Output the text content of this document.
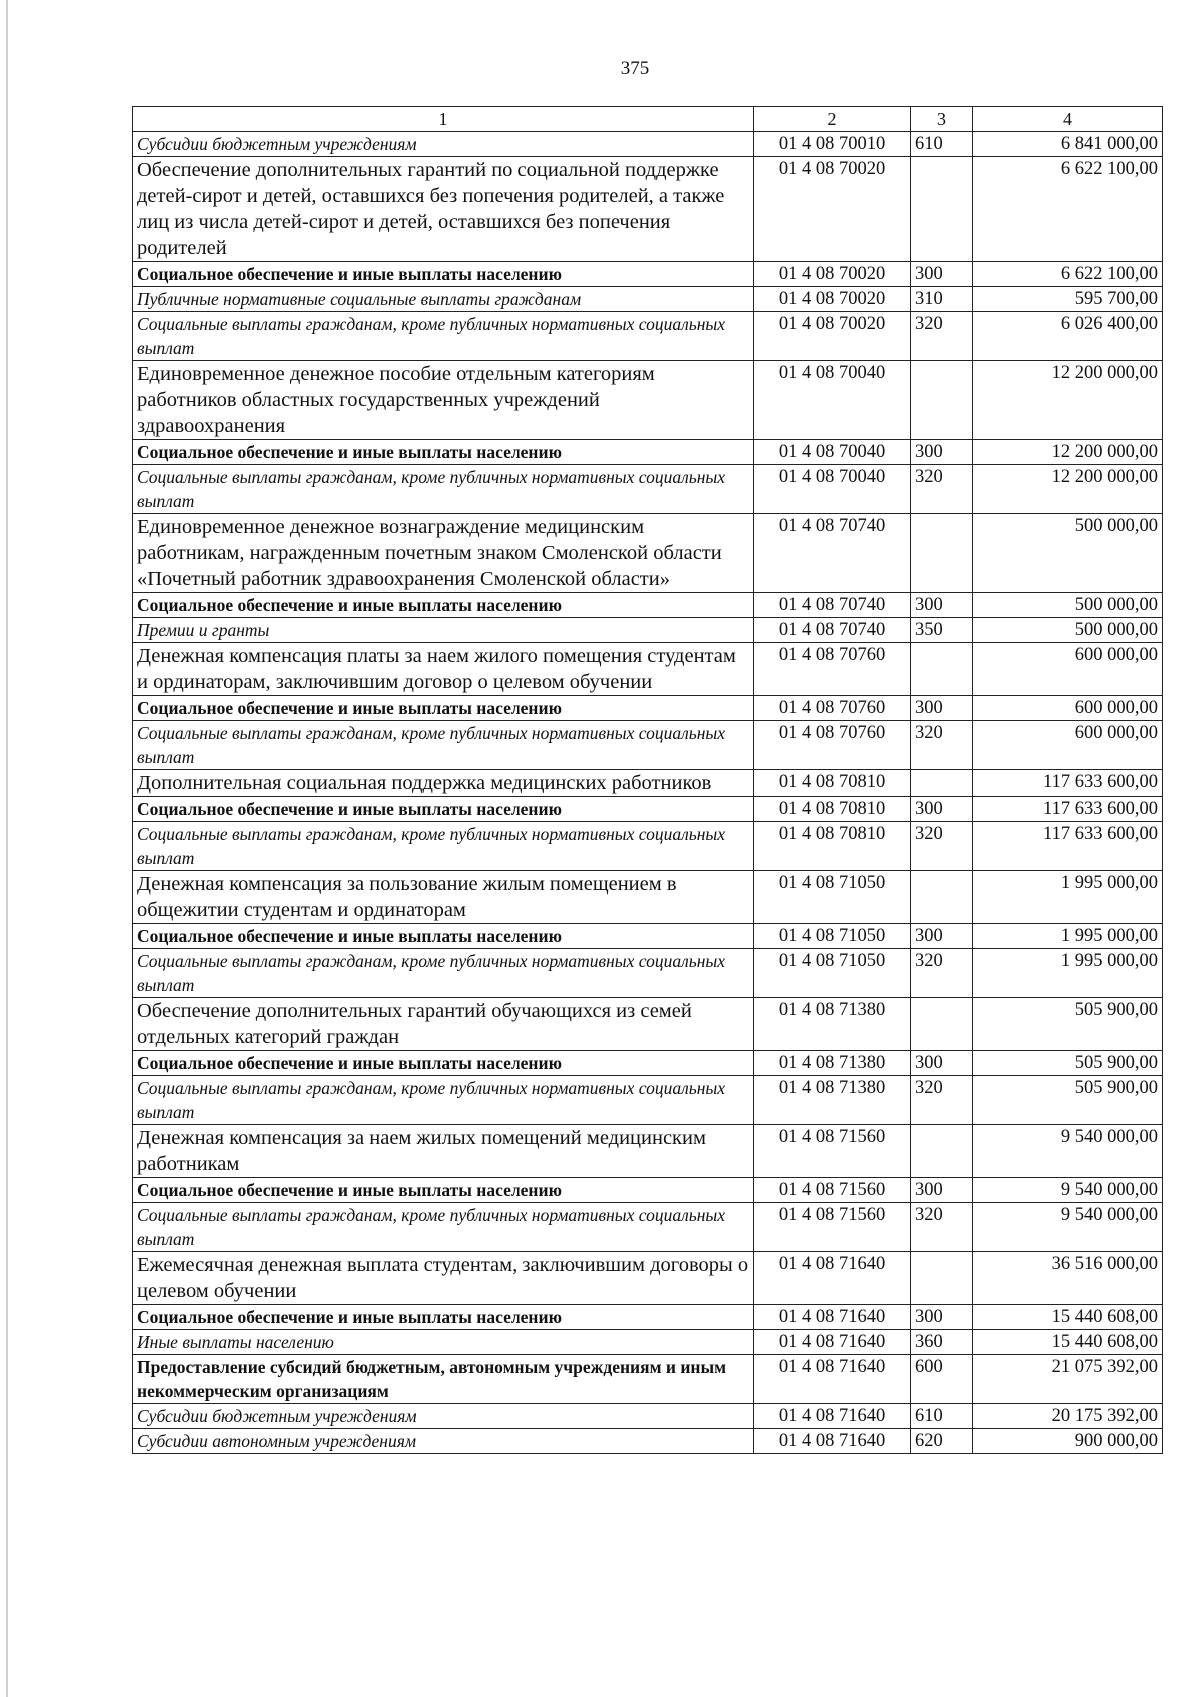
375
1	2	3	4
Субсидии бюджетным учреждениям	01 4 08 70010	610	6 841 000,00
Обеспечение дополнительных гарантий по социальной поддержке детей-сирот и детей, оставшихся без попечения родителей, а также лиц из числа детей-сирот и детей, оставшихся без попечения родителей	01 4 08 70020		6 622 100,00
Социальное обеспечение и иные выплаты населению	01 4 08 70020	300	6 622 100,00
Публичные нормативные социальные выплаты гражданам	01 4 08 70020	310	595 700,00
Социальные выплаты гражданам, кроме публичных нормативных социальных выплат	01 4 08 70020	320	6 026 400,00
Единовременное денежное пособие отдельным категориям работников областных государственных учреждений здравоохранения	01 4 08 70040		12 200 000,00
Социальное обеспечение и иные выплаты населению	01 4 08 70040	300	12 200 000,00
Социальные выплаты гражданам, кроме публичных нормативных социальных выплат	01 4 08 70040	320	12 200 000,00
Единовременное денежное вознаграждение медицинским работникам, награжденным почетным знаком Смоленской области «Почетный работник здравоохранения Смоленской области»	01 4 08 70740		500 000,00
Социальное обеспечение и иные выплаты населению	01 4 08 70740	300	500 000,00
Премии и гранты	01 4 08 70740	350	500 000,00
Денежная компенсация платы за наем жилого помещения студентам и ординаторам, заключившим договор о целевом обучении	01 4 08 70760		600 000,00
Социальное обеспечение и иные выплаты населению	01 4 08 70760	300	600 000,00
Социальные выплаты гражданам, кроме публичных нормативных социальных выплат	01 4 08 70760	320	600 000,00
Дополнительная социальная поддержка медицинских работников	01 4 08 70810		117 633 600,00
Социальное обеспечение и иные выплаты населению	01 4 08 70810	300	117 633 600,00
Социальные выплаты гражданам, кроме публичных нормативных социальных выплат	01 4 08 70810	320	117 633 600,00
Денежная компенсация за пользование жилым помещением в общежитии студентам и ординаторам	01 4 08 71050		1 995 000,00
Социальное обеспечение и иные выплаты населению	01 4 08 71050	300	1 995 000,00
Социальные выплаты гражданам, кроме публичных нормативных социальных выплат	01 4 08 71050	320	1 995 000,00
Обеспечение дополнительных гарантий обучающихся из семей отдельных категорий граждан	01 4 08 71380		505 900,00
Социальное обеспечение и иные выплаты населению	01 4 08 71380	300	505 900,00
Социальные выплаты гражданам, кроме публичных нормативных социальных выплат	01 4 08 71380	320	505 900,00
Денежная компенсация за наем жилых помещений медицинским работникам	01 4 08 71560		9 540 000,00
Социальное обеспечение и иные выплаты населению	01 4 08 71560	300	9 540 000,00
Социальные выплаты гражданам, кроме публичных нормативных социальных выплат	01 4 08 71560	320	9 540 000,00
Ежемесячная денежная выплата студентам, заключившим договоры о целевом обучении	01 4 08 71640		36 516 000,00
Социальное обеспечение и иные выплаты населению	01 4 08 71640	300	15 440 608,00
Иные выплаты населению	01 4 08 71640	360	15 440 608,00
Предоставление субсидий бюджетным, автономным учреждениям и иным некоммерческим организациям	01 4 08 71640	600	21 075 392,00
Субсидии бюджетным учреждениям	01 4 08 71640	610	20 175 392,00
Субсидии автономным учреждениям	01 4 08 71640	620	900 000,00
